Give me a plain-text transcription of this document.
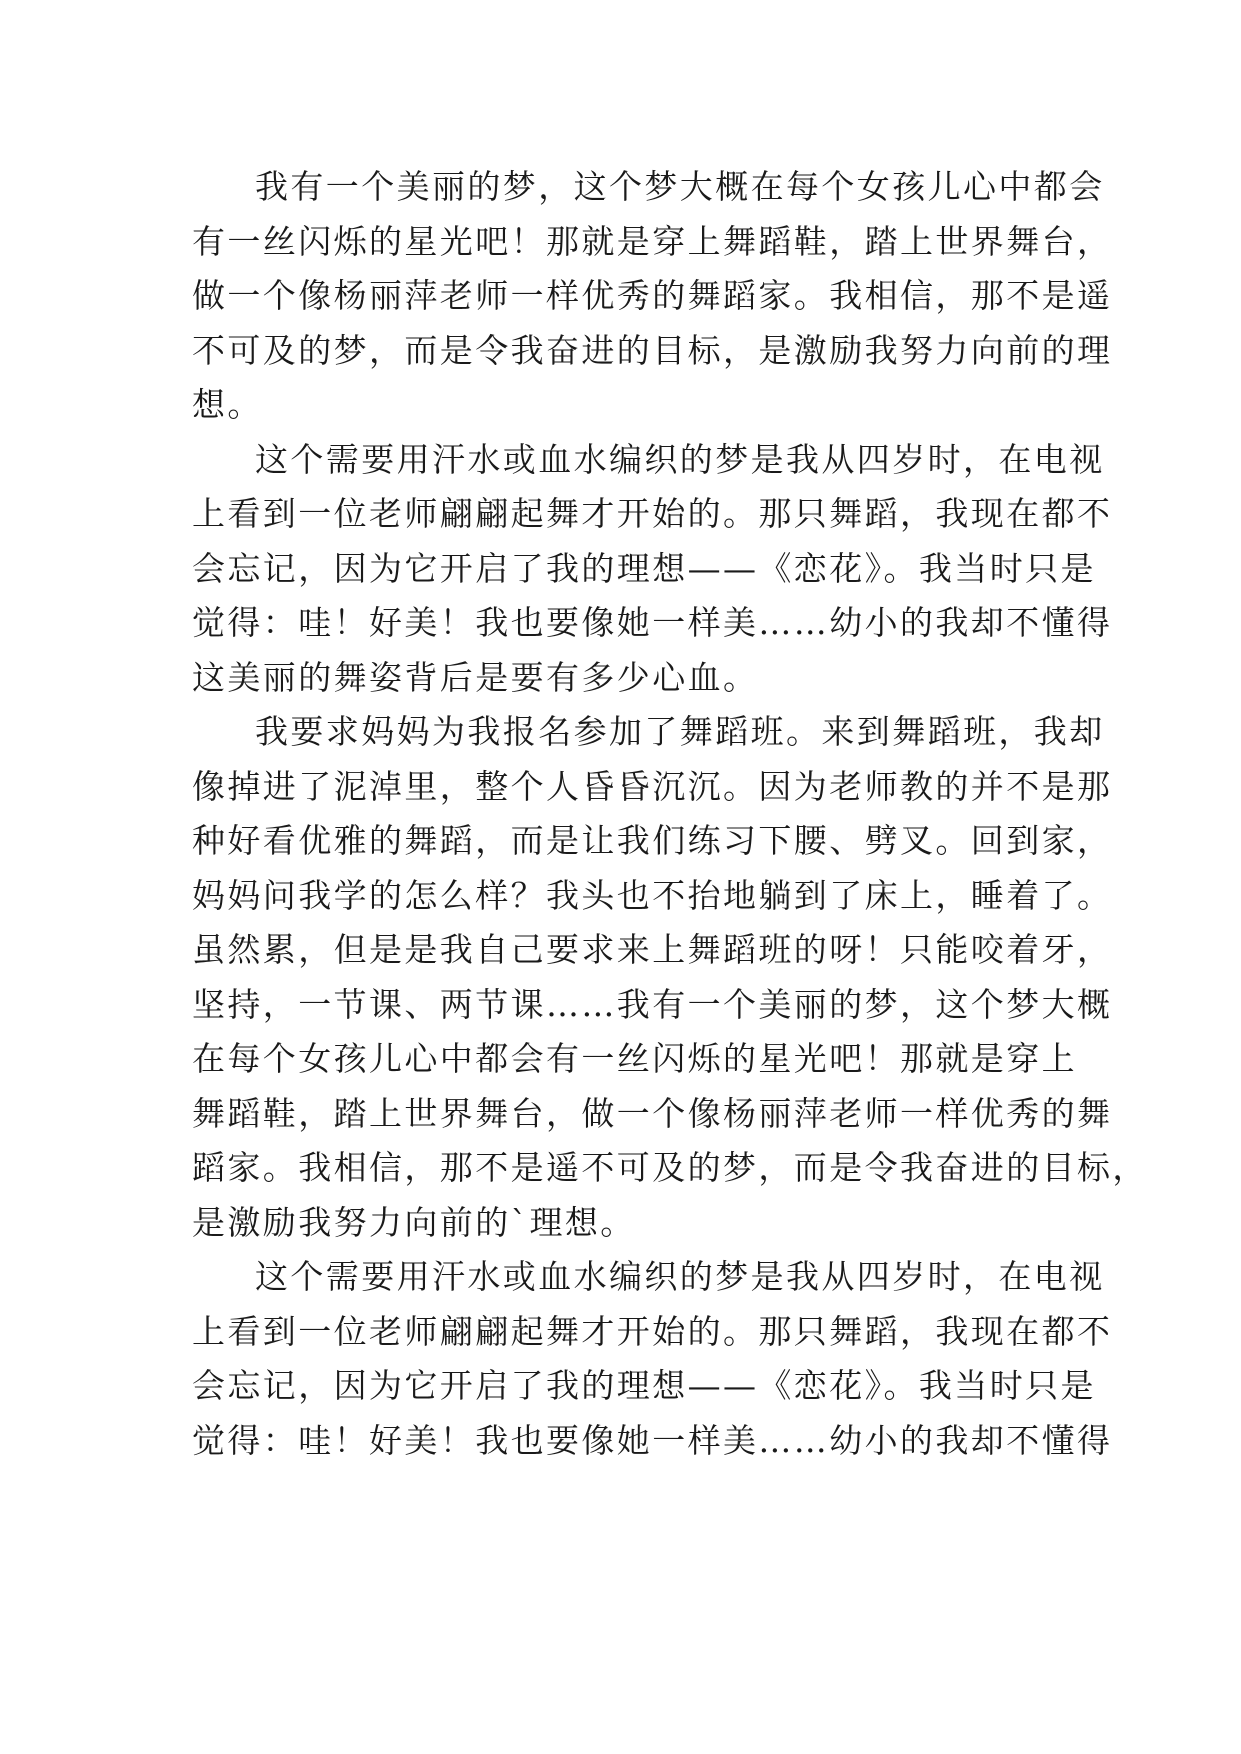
我有一个美丽的梦，这个梦大概在每个女孩儿心中都会
有一丝闪烁的星光吧！那就是穿上舞蹈鞋，踏上世界舞台，
做一个像杨丽萍老师一样优秀的舞蹈家。我相信，那不是遥
不可及的梦，而是令我奋进的目标，是激励我努力向前的理
想。
这个需要用汗水或血水编织的梦是我从四岁时，在电视
上看到一位老师翩翩起舞才开始的。那只舞蹈，我现在都不
会忘记，因为它开启了我的理想——《恋花》。我当时只是
觉得：哇！好美！我也要像她一样美……幼小的我却不懂得
这美丽的舞姿背后是要有多少心血。
我要求妈妈为我报名参加了舞蹈班。来到舞蹈班，我却
像掉进了泥淖里，整个人昏昏沉沉。因为老师教的并不是那
种好看优雅的舞蹈，而是让我们练习下腰、劈叉。回到家，
妈妈问我学的怎么样？我头也不抬地躺到了床上，睡着了。
虽然累，但是是我自己要求来上舞蹈班的呀！只能咬着牙，
坚持，一节课、两节课……我有一个美丽的梦，这个梦大概
在每个女孩儿心中都会有一丝闪烁的星光吧！那就是穿上
舞蹈鞋，踏上世界舞台，做一个像杨丽萍老师一样优秀的舞
蹈家。我相信，那不是遥不可及的梦，而是令我奋进的目标，
是激励我努力向前的`理想。
这个需要用汗水或血水编织的梦是我从四岁时，在电视
上看到一位老师翩翩起舞才开始的。那只舞蹈，我现在都不
会忘记，因为它开启了我的理想——《恋花》。我当时只是
觉得：哇！好美！我也要像她一样美……幼小的我却不懂得
